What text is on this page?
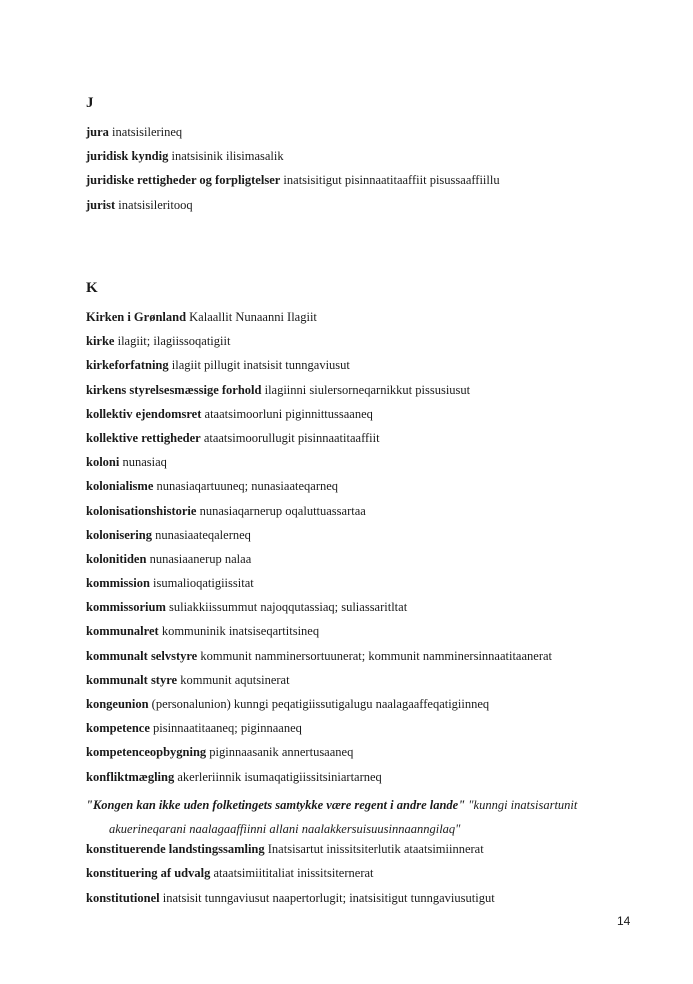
J
jura inatsisilerineq
juridisk kyndig inatsisinik ilisimasalik
juridiske rettigheder og forpligtelser inatsisitigut pisinnaatitaaffiit pisussaaffiillu
jurist inatsisileritooq
K
Kirken i Grønland Kalaallit Nunaanni Ilagiit
kirke ilagiit; ilagiissoqatigiit
kirkeforfatning ilagiit pillugit inatsisit tunngaviusut
kirkens styrelsesmæssige forhold ilagiinni siulersorneqarnikkut pissusiusut
kollektiv ejendomsret ataatsimoorluni piginnittussaaneq
kollektive rettigheder ataatsimoorullugit pisinnaatitaaffiit
koloni nunasiaq
kolonialisme nunasiaqartuuneq; nunasiaateqarneq
kolonisationshistorie nunasiaqarnerup oqaluttuassartaa
kolonisering nunasiaateqalerneq
kolonitiden nunasiaanerup nalaa
kommission isumalioqatigiissitat
kommissorium suliakkiissummut najoqqutassiaq; suliassaritltat
kommunalret kommuninik inatsiseqartitsineq
kommunalt selvstyre kommunit namminersortuunerat; kommunit namminersinnaatitaanerat
kommunalt styre kommunit aqutsinerat
kongeunion (personalunion) kunngi peqatigiissutigalugu naalagaaffeqatigiinneq
kompetence pisinnaatitaaneq; piginnaaneq
kompetenceopbygning piginnaasanik annertusaaneq
konfliktmægling akerleriinnik isumaqatigiissitsiniartarneq
"Kongen kan ikke uden folketingets samtykke være regent i andre lande" "kunngi inatsisartunit
akuerineqarani naalagaaffiinni allani naalakkersuisuusinnaanngilaq"
konstituerende landstingssamling Inatsisartut inissitsiterlutik ataatsimiinnerat
konstituering af udvalg ataatsimiititaliat inissitsiternerat
konstitutionel inatsisit tunngaviusut naapertorlugit; inatsisitigut tunngaviusutigut
14
